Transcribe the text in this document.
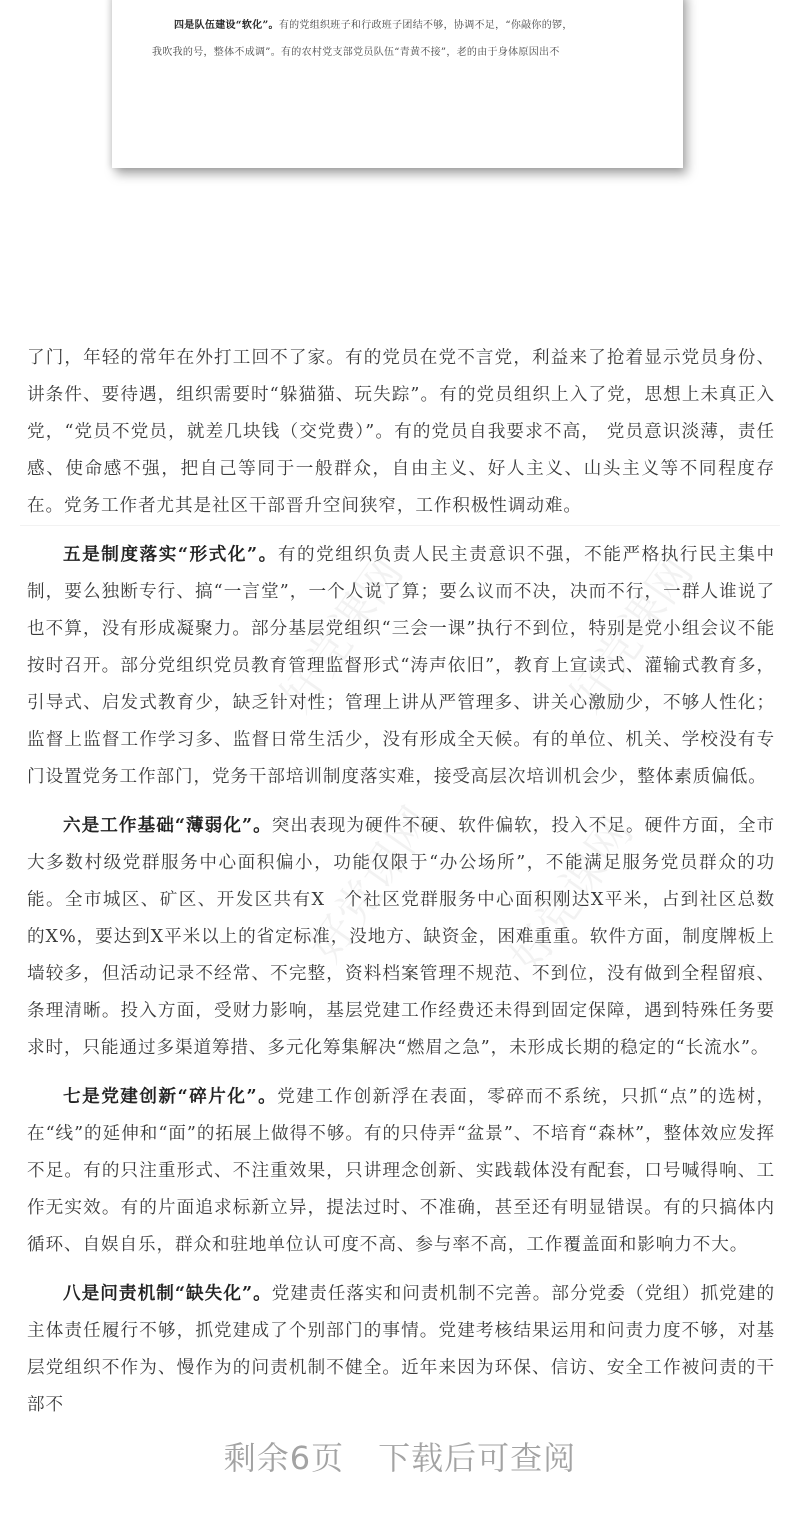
四是队伍建设“软化”。有的党组织班子和行政班子团结不够，协调不足，“你敲你的锣，
我吹我的号，整体不成调”。有的农村党支部党员队伍“青黄不接”，老的由于身体原因出不
好党课网	好党课网
好党课网 好党课网

了门，年轻的常年在外打工回不了家。有的党员在党不言党，利益来了抢着显示党员身份、讲条件、要待遇，组织需要时“躲猫猫、玩失踪”。有的党员组织上入了党，思想上未真正入党，“党员不党员，就差几块钱（交党费）”。有的党员自我要求不高， 党员意识淡薄，责任感、使命感不强，把自己等同于一般群众，自由主义、好人主义、山头主义等不同程度存在。党务工作者尤其是社区干部晋升空间狭窄，工作积极性调动难。

五是制度落实“形式化”。有的党组织负责人民主责意识不强，不能严格执行民主集中制，要么独断专行、搞“一言堂”，一个人说了算；要么议而不决，决而不行，一群人谁说了也不算，没有形成凝聚力。部分基层党组织“三会一课”执行不到位，特别是党小组会议不能按时召开。部分党组织党员教育管理监督形式“涛声依旧”，教育上宣读式、灌输式教育多，引导式、启发式教育少，缺乏针对性；管理上讲从严管理多、讲关心激励少，不够人性化；监督上监督工作学习多、监督日常生活少，没有形成全天候。有的单位、机关、学校没有专门设置党务工作部门，党务干部培训制度落实难，接受高层次培训机会少，整体素质偏低。

六是工作基础“薄弱化”。突出表现为硬件不硬、软件偏软，投入不足。硬件方面，全市大多数村级党群服务中心面积偏小，功能仅限于“办公场所”，不能满足服务党员群众的功能。全市城区、矿区、开发区共有X　个社区党群服务中心面积刚达X平米，占到社区总数的X%，要达到X平米以上的省定标准，没地方、缺资金，困难重重。软件方面，制度牌板上墙较多，但活动记录不经常、不完整，资料档案管理不规范、不到位，没有做到全程留痕、条理清晰。投入方面，受财力影响，基层党建工作经费还未得到固定保障，遇到特殊任务要求时，只能通过多渠道筹措、多元化筹集解决“燃眉之急”，未形成长期的稳定的“长流水”。

七是党建创新“碎片化”。党建工作创新浮在表面，零碎而不系统，只抓“点”的选树，在“线”的延伸和“面”的拓展上做得不够。有的只侍弄“盆景”、不培育“森林”，整体效应发挥不足。有的只注重形式、不注重效果，只讲理念创新、实践载体没有配套，口号喊得响、工作无实效。有的片面追求标新立异，提法过时、不准确，甚至还有明显错误。有的只搞体内循环、自娱自乐，群众和驻地单位认可度不高、参与率不高，工作覆盖面和影响力不大。

八是问责机制“缺失化”。党建责任落实和问责机制不完善。部分党委（党组）抓党建的主体责任履行不够，抓党建成了个别部门的事情。党建考核结果运用和问责力度不够，对基层党组织不作为、慢作为的问责机制不健全。近年来因为环保、信访、安全工作被问责的干部不

剩余6页 下载后可查阅
